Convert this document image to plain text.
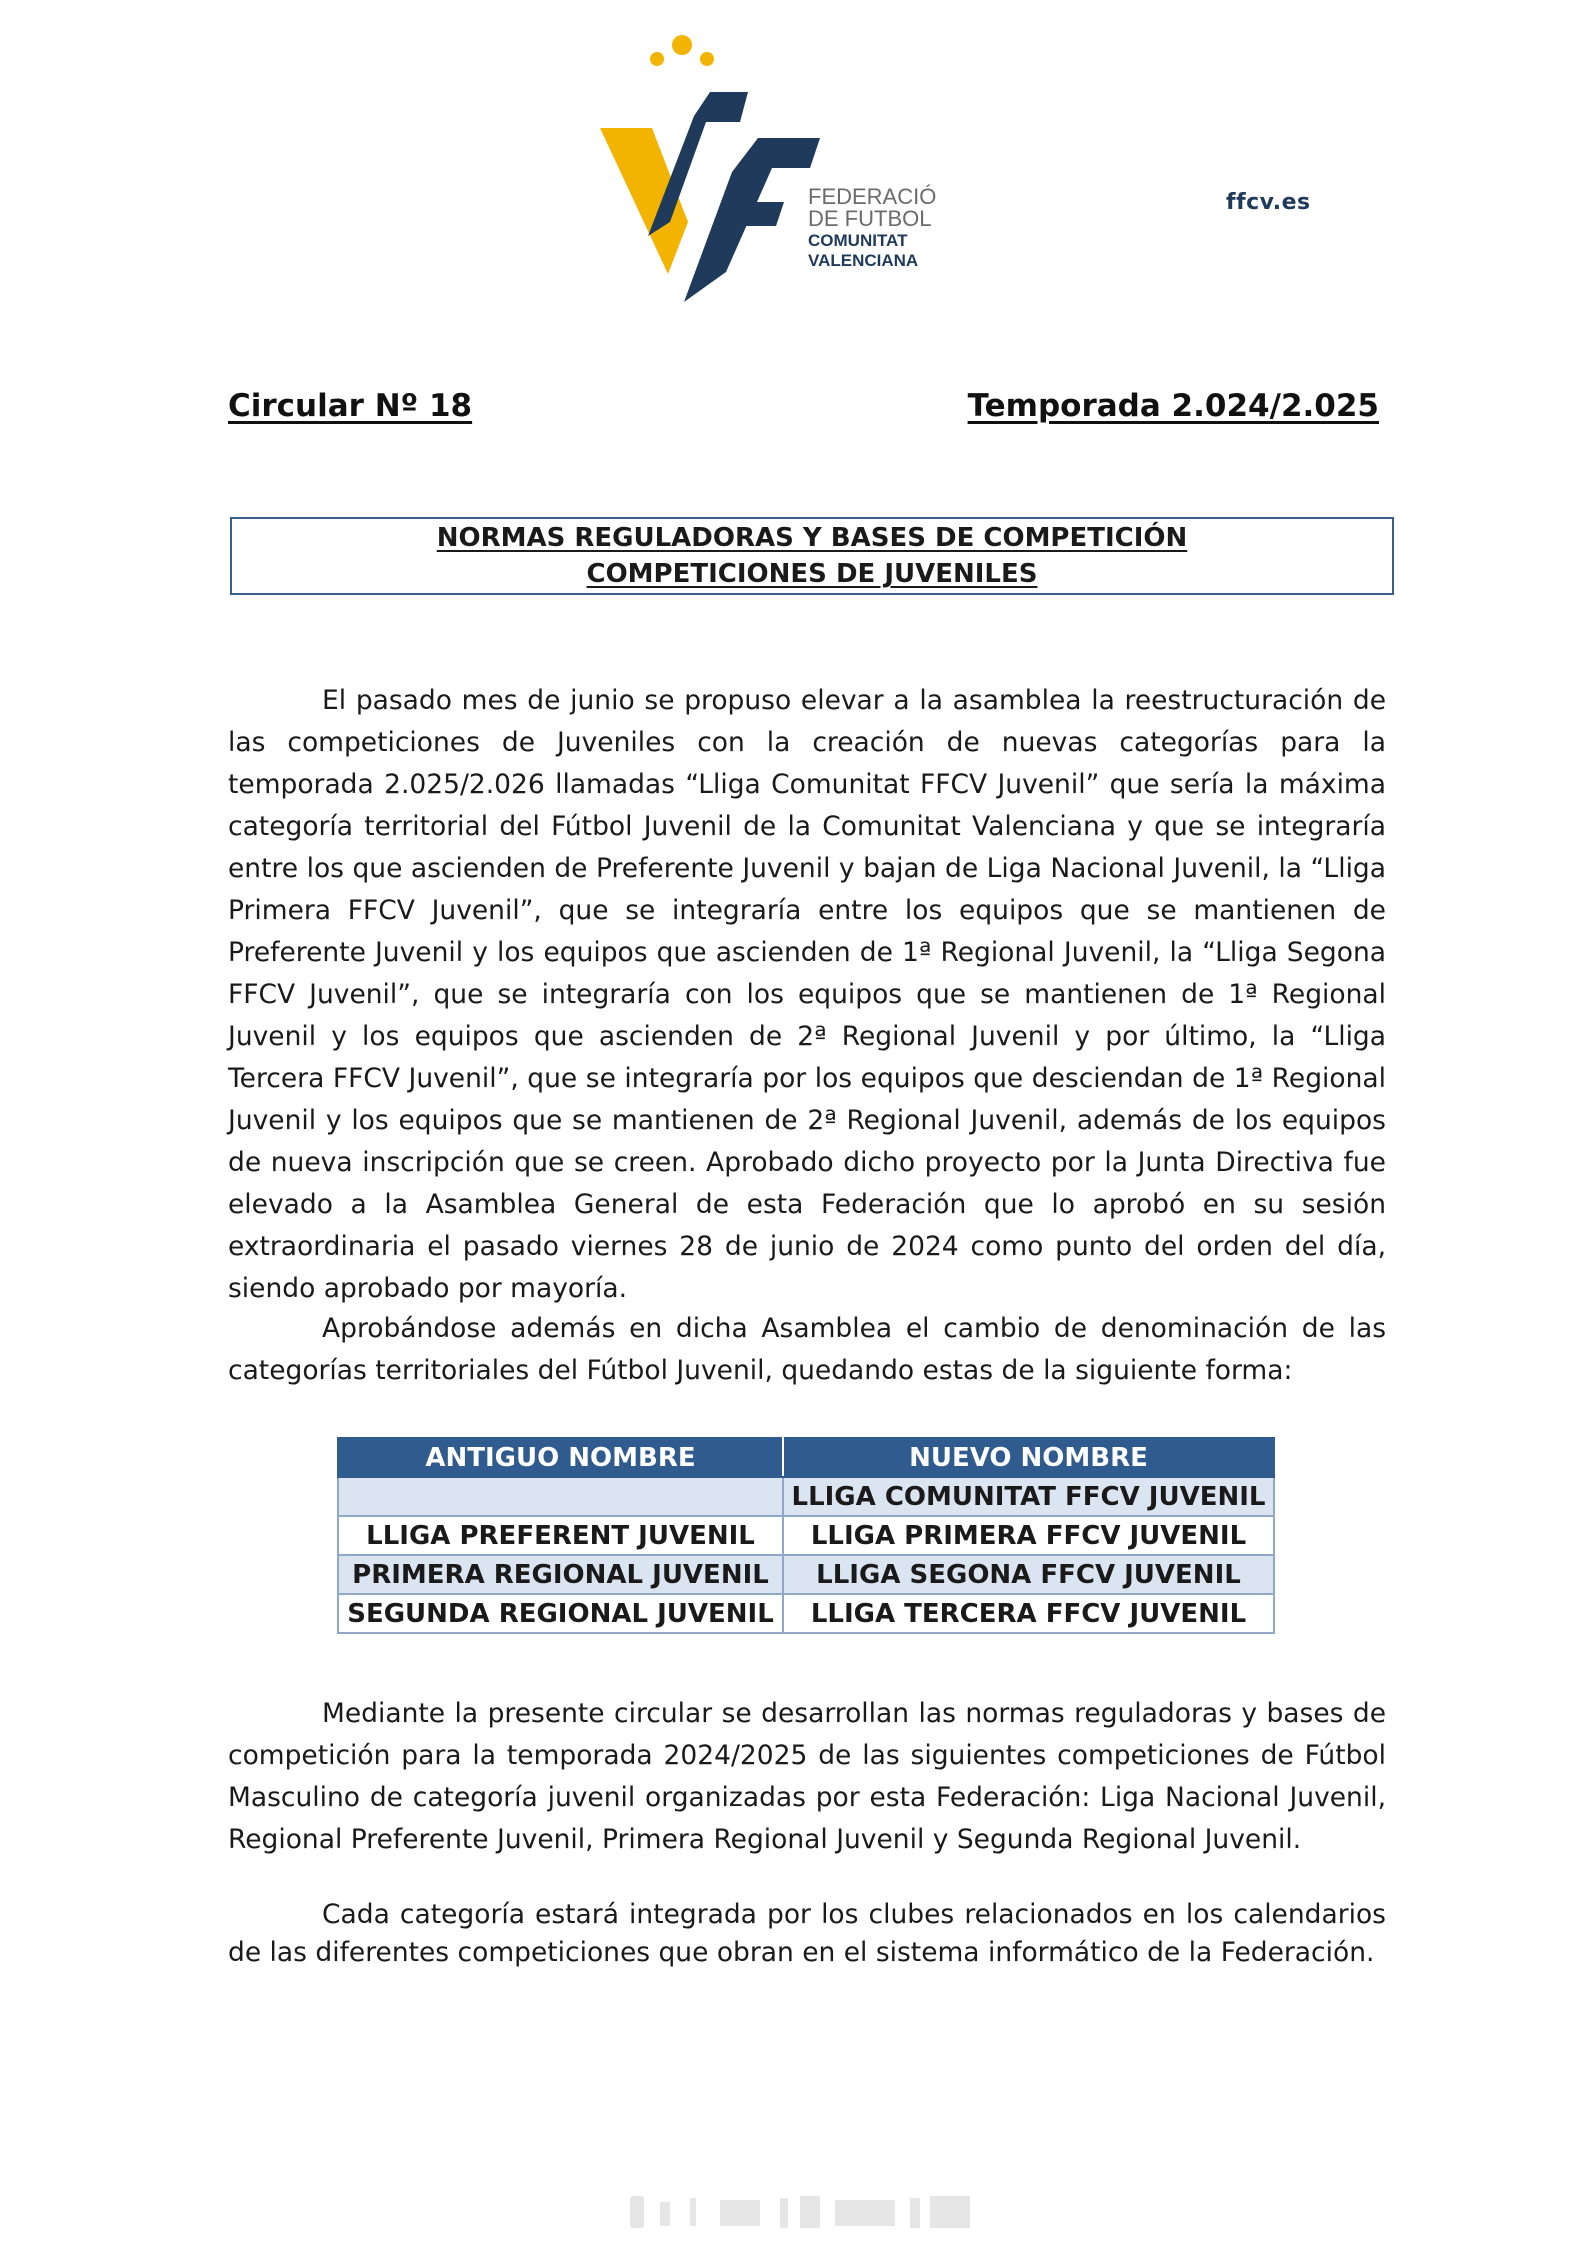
FEDERACIÓ
DE FUTBOL
COMUNITAT
VALENCIANA
ffcv.es
Circular Nº 18	Temporada 2.024/2.025
NORMAS REGULADORAS Y BASES DE COMPETICIÓN
COMPETICIONES DE JUVENILES

El pasado mes de junio se propuso elevar a la asamblea la reestructuración de las competiciones de Juveniles con la creación de nuevas categorías para la temporada 2.025/2.026 llamadas “Lliga Comunitat FFCV Juvenil” que sería la máxima categoría territorial del Fútbol Juvenil de la Comunitat Valenciana y que se integraría entre los que ascienden de Preferente Juvenil y bajan de Liga Nacional Juvenil, la “Lliga Primera FFCV Juvenil”, que se integraría entre los equipos que se mantienen de Preferente Juvenil y los equipos que ascienden de 1ª Regional Juvenil, la “Lliga Segona FFCV Juvenil”, que se integraría con los equipos que se mantienen de 1ª Regional Juvenil y los equipos que ascienden de 2ª Regional Juvenil y por último, la “Lliga Tercera FFCV Juvenil”, que se integraría por los equipos que desciendan de 1ª Regional Juvenil y los equipos que se mantienen de 2ª Regional Juvenil, además de los equipos de nueva inscripción que se creen. Aprobado dicho proyecto por la Junta Directiva fue elevado a la Asamblea General de esta Federación que lo aprobó en su sesión extraordinaria el pasado viernes 28 de junio de 2024 como punto del orden del día, siendo aprobado por mayoría.

Aprobándose además en dicha Asamblea el cambio de denominación de las categorías territoriales del Fútbol Juvenil, quedando estas de la siguiente forma:

ANTIGUO NOMBRE	NUEVO NOMBRE
	LLIGA COMUNITAT FFCV JUVENIL
LLIGA PREFERENT JUVENIL	LLIGA PRIMERA FFCV JUVENIL
PRIMERA REGIONAL JUVENIL	LLIGA SEGONA FFCV JUVENIL
SEGUNDA REGIONAL JUVENIL	LLIGA TERCERA FFCV JUVENIL

Mediante la presente circular se desarrollan las normas reguladoras y bases de competición para la temporada 2024/2025 de las siguientes competiciones de Fútbol Masculino de categoría juvenil organizadas por esta Federación: Liga Nacional Juvenil, Regional Preferente Juvenil, Primera Regional Juvenil y Segunda Regional Juvenil.

Cada categoría estará integrada por los clubes relacionados en los calendarios de las diferentes competiciones que obran en el sistema informático de la Federación.
